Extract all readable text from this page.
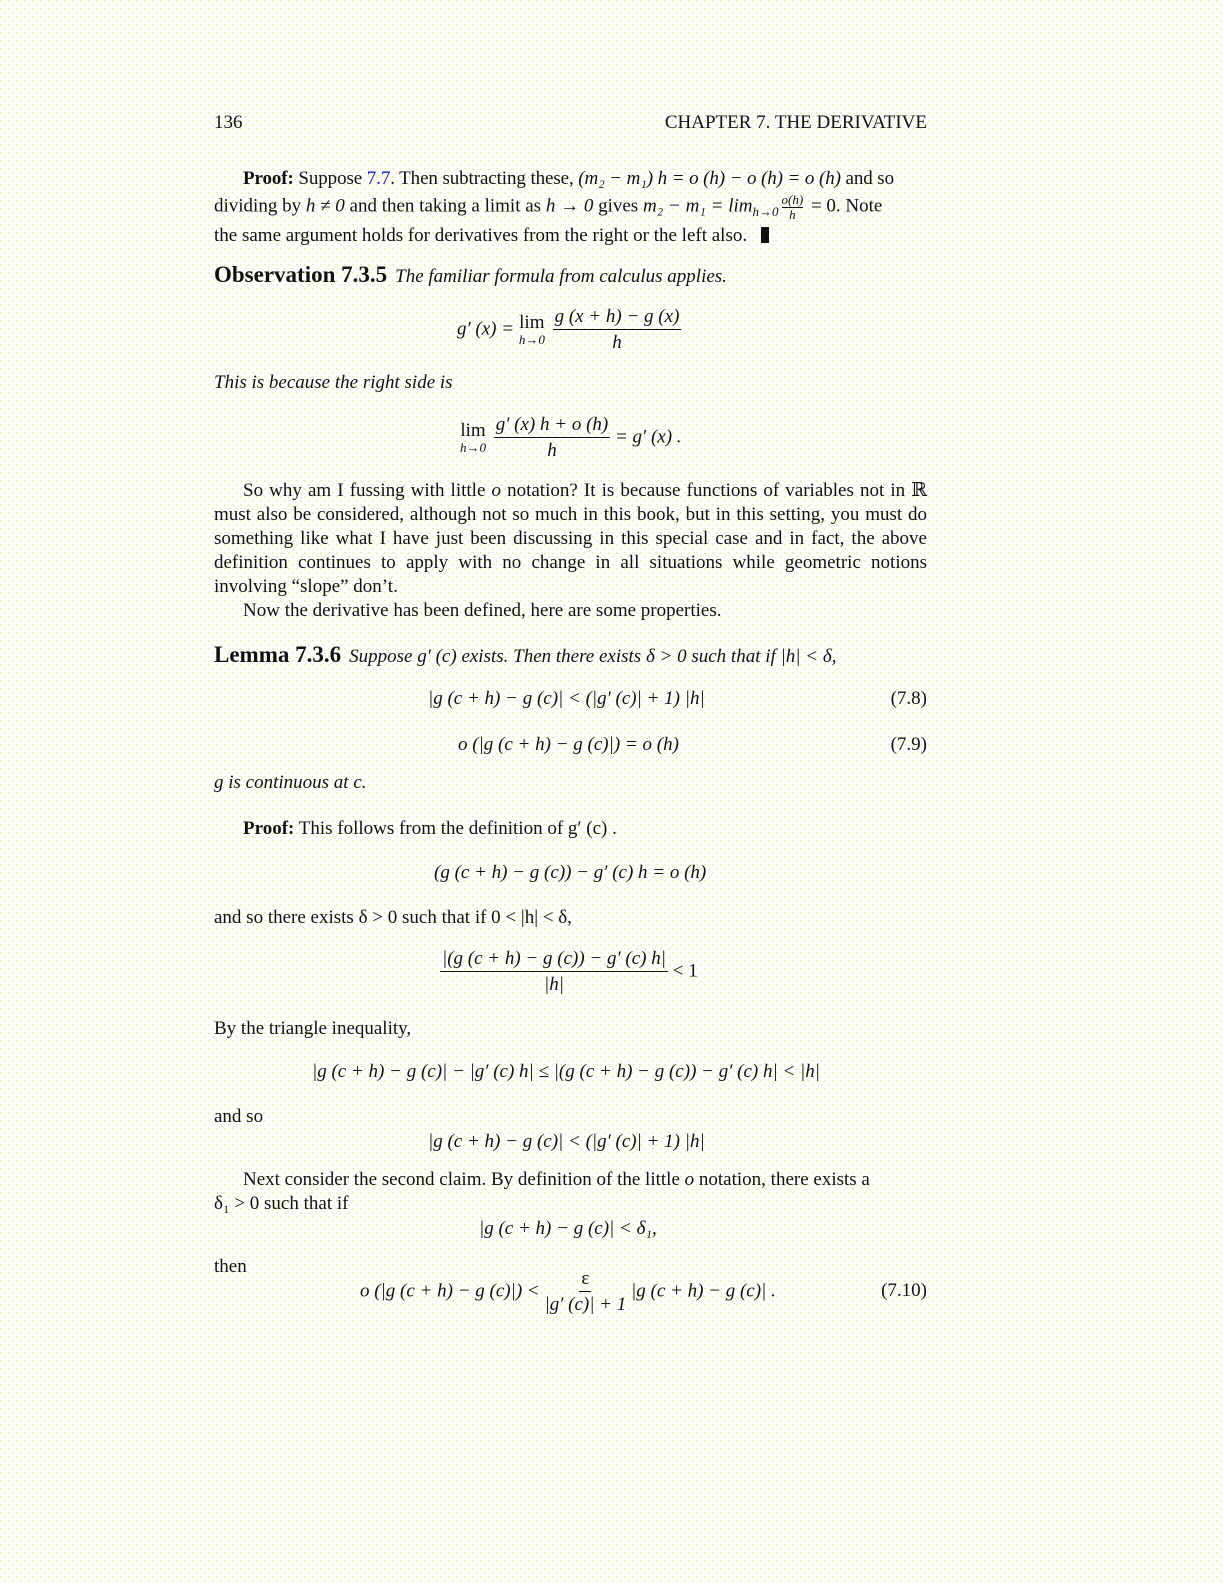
136	CHAPTER 7. THE DERIVATIVE

Proof: Suppose 7.7. Then subtracting these, (m₂ − m₁) h = o (h) − o (h) = o (h) and so

dividing by h ≠ 0 and then taking a limit as h → 0 gives $m_2 - m_1 = \lim_{h\to 0} \frac{o(h)}{h} = 0$. Note

the same argument holds for derivatives from the right or the left also.

Observation 7.3.5 The familiar formula from calculus applies.
g′ (x) = lim
h→0
$\frac{g (x + h) - g (x)}{h}$
This is because the right side is
lim
h→0
$\frac{g' (x) h + o (h)}{h} = g'$ (x) .

So why am I fussing with little o notation? It is because functions of variables not in ℝ must also be considered, although not so much in this book, but in this setting, you must do something like what I have just been discussing in this special case and in fact, the above definition continues to apply with no change in all situations while geometric notions involving “slope” don’t.

Now the derivative has been defined, here are some properties.

Lemma 7.3.6 Suppose g′ (c) exists. Then there exists δ > 0 such that if |h| < δ,
|g (c + h) − g (c)| < (|g′ (c)| + 1) |h|	(7.8)
o (|g (c + h) − g (c)|) = o (h)	(7.9)
g is continuous at c.
Proof: This follows from the definition of g′ (c) .
(g (c + h) − g (c)) − g′ (c) h = o (h)
and so there exists δ > 0 such that if 0 < |h| < δ,
$\frac{|(g (c + h) - g (c)) - g' (c) h|}{|h|} < 1$
By the triangle inequality,
|g (c + h) − g (c)| − |g′ (c) h| ≤ |(g (c + h) − g (c)) − g′ (c) h| < |h|
and so
|g (c + h) − g (c)| < (|g′ (c)| + 1) |h|

Next consider the second claim. By definition of the little o notation, there exists a

δ₁ > 0 such that if

|g (c + h) − g (c)| < δ₁,
then
o (|g (c + h) − g $(c)|) < \frac{\varepsilon}{|g' (c)| + 1} |g$ (c + h) − g (c)| .	(7.10)
